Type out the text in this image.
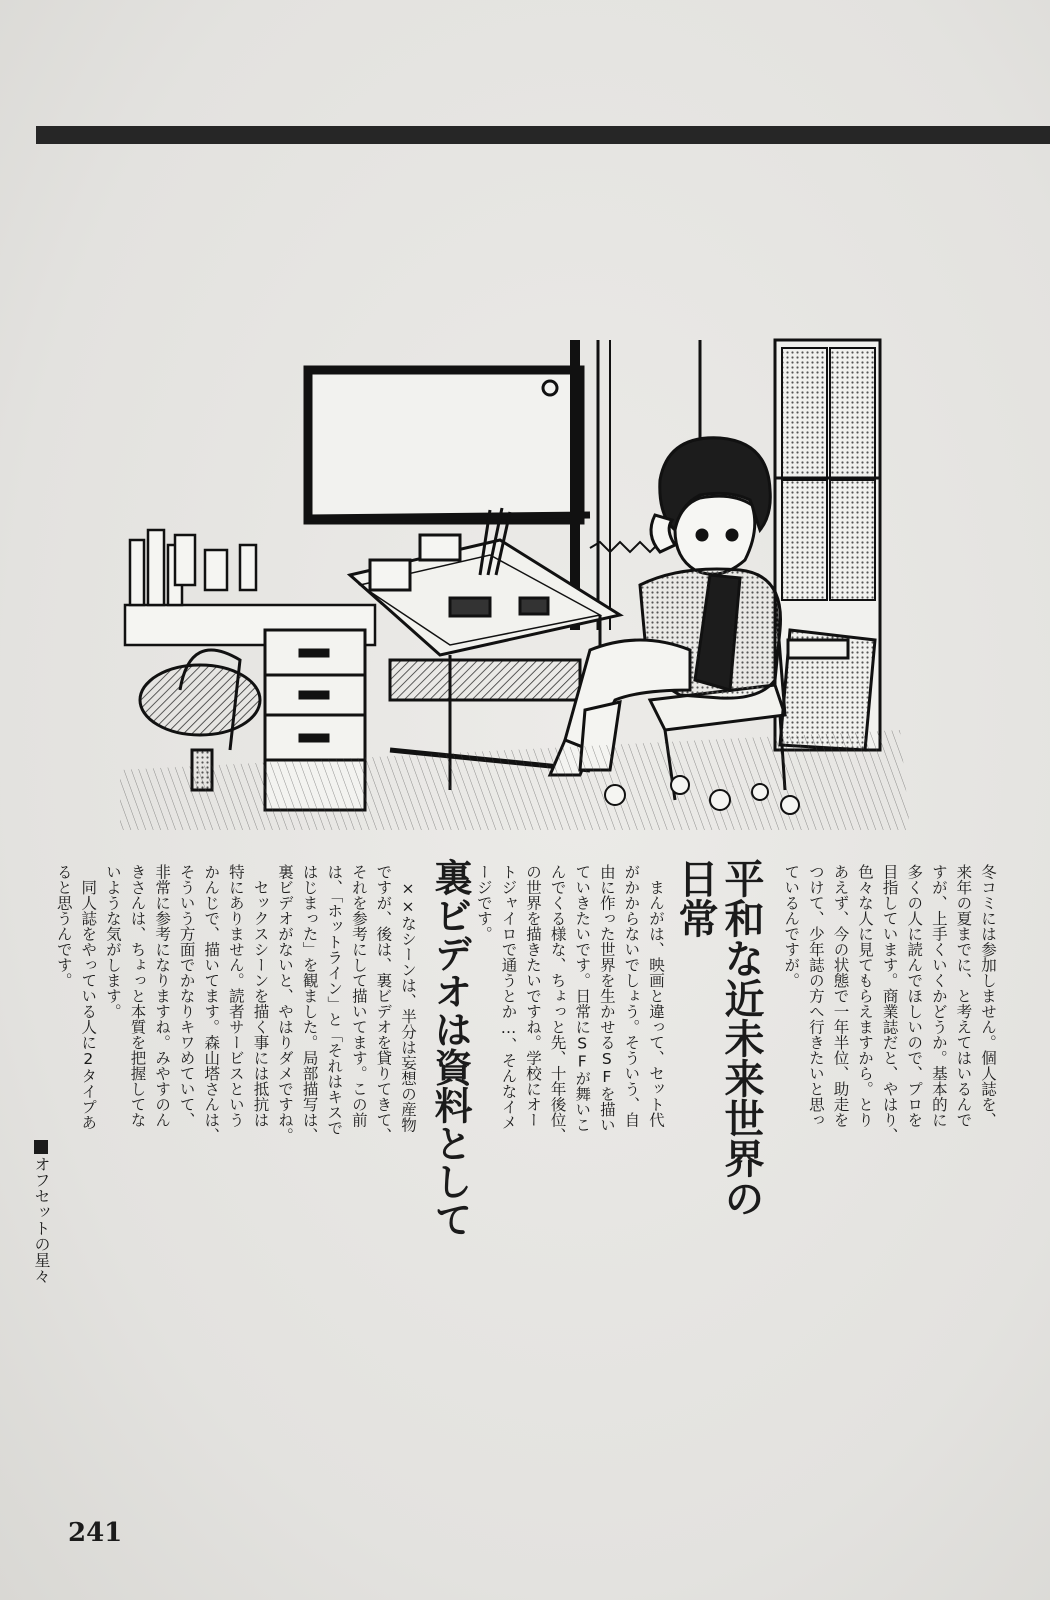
冬コミには参加しません。個人誌を、
来年の夏までに、と考えてはいるんで
すが、上手くいくかどうか。基本的に
多くの人に読んでほしいので、プロを
目指しています。商業誌だと、やはり、
色々な人に見てもらえますから。とり
あえず、今の状態で一年半位、助走を
つけて、少年誌の方へ行きたいと思っ
ているんですが。
平和な近未来世界の
日常
　まんがは、映画と違って、セット代
がかからないでしょう。そういう、自
由に作った世界を生かせるSFを描い
ていきたいです。日常にSFが舞いこ
んでくる様な、ちょっと先、十年後位、
の世界を描きたいですね。学校にオー
トジャイロで通うとか…、そんなイメ
ージです。
裏ビデオは資料として
　××なシーンは、半分は妄想の産物
ですが、後は、裏ビデオを貸りてきて、
それを参考にして描いてます。この前
は、「ホットライン」と「それはキスで
はじまった」を観ました。局部描写は、
裏ビデオがないと、やはりダメですね。
　セックスシーンを描く事には抵抗は
特にありません。読者サービスという
かんじで、描いてます。森山塔さんは、
そういう方面でかなりキワめていて、
非常に参考になりますね。みやすのん
きさんは、ちょっと本質を把握してな
いような気がします。
　同人誌をやっている人に2タイプあ
ると思うんです。
オフセットの星々
241
